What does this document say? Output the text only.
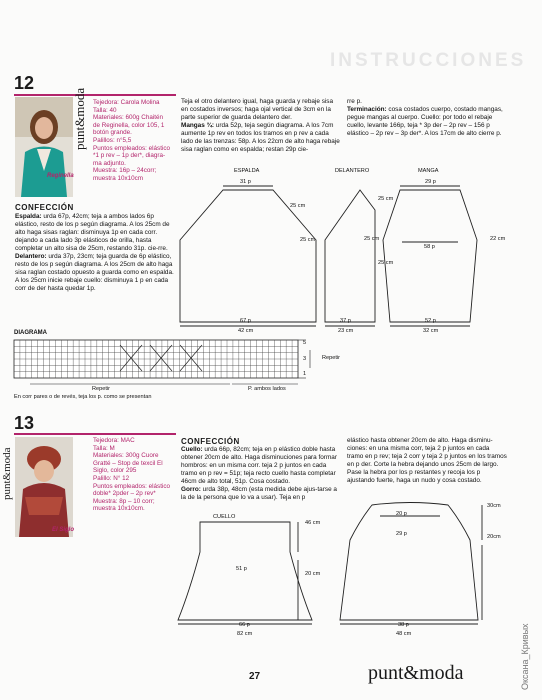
INSTRUCCIONES
12
punt&moda
Reginella
Tejedora: Carola Molina
Talla: 40
Materiales: 600g Chaitén
de Reginella, color 105, 1
botón grande.
Palillos: n°5,5
Puntos empleados: elástico
*1 p rev – 1p der*, diagra-
ma adjunto.
Muestra: 16p – 24corr;
muestra 10x10cm
CONFECCIÓN

Espalda: urda 67p, 42cm; teja a ambos lados 6p elástico, resto de los p según diagrama. A los 25cm de alto haga sisas raglan: disminuya 1p en cada corr. dejando a cada lado 3p elásticos de orilla, hasta completar un alto sisa de 25cm, restando 31p. cie-rre.

Delantero: urda 37p, 23cm; teja guarda de 6p elástico, resto de los p según diagrama. A los 25cm de alto haga sisa raglan costado opuesto a guarda como en espalda. A los 25cm inicie rebaje cuello: disminuya 1 p en cada corr de der hasta quedar 1p.

Teja el otro delantero igual, haga guarda y rebaje sisa en costados inversos; haga ojal vertical de 3cm en la parte superior de guarda delantero der.

Mangas ¾: urda 52p, teja según diagrama. A los 7cm aumente 1p rev en todos los tramos en p rev a cada lado de las trenzas: 58p. A los 22cm de alto haga rebaje sisa raglan como en espalda; restan 29p cie-

rre p.

Terminación: cosa costados cuerpo, costado mangas, pegue mangas al cuerpo. Cuello: por todo el rebaje cuello, levante 166p, teja * 3p der – 2p rev – 156 p elástico – 2p rev – 3p der*. A los 17cm de alto cierre p.

ESPALDA
31 p
25 cm
25 cm
67 p
42 cm
DELANTERO
25 cm
25 cm
37 p
23 cm
MANGA
29 p
58 p
25 cm	22 cm
52 p
32 cm
DIAGRAMA
5
3
1
Repetir
Repetir	P. ambos lados
En corr pares o de revés, teja los p. como se presentan
13
punt&moda
El Siglo
Tejedora: MAC
Talla: M
Materiales: 300g Cuore
Gratté – Stop de texcil El
Siglo, color 295
Palillo: N° 12
Puntos empleados: elástico
doble* 2pder – 2p rev*
Muestra: 8p – 10 corr;
muestra 10x10cm.
CONFECCIÓN

Cuello: urda 66p, 82cm; teja en p elástico doble hasta obtener 20cm de alto. Haga disminuciones para formar hombros: en un misma corr. teja 2 p juntos en cada tramo en p rev = 51p; teja recto cuello hasta completar 46cm de alto total, 51p. Cosa costado.

Gorro: urda 38p, 48cm (esta medida debe ajus-tarse a la de la persona que lo va a usar). Teja en p

elástico hasta obtener 20cm de alto. Haga disminu-ciones: en una misma corr, teja 2 p juntos en cada tramo en p rev; teja 2 corr y teja 2 p juntos en los tramos en p der. Corte la hebra dejando unos 25cm de largo. Pase la hebra por los p restantes y recoja los p ajustando fuerte, haga un nudo y cosa costado.

CUELLO
51 p
46 cm
20 cm
66 p
82 cm
20 p
29 p
30cm
20cm
38 p
48 cm
27	punt&moda	Оксана_Кривых
